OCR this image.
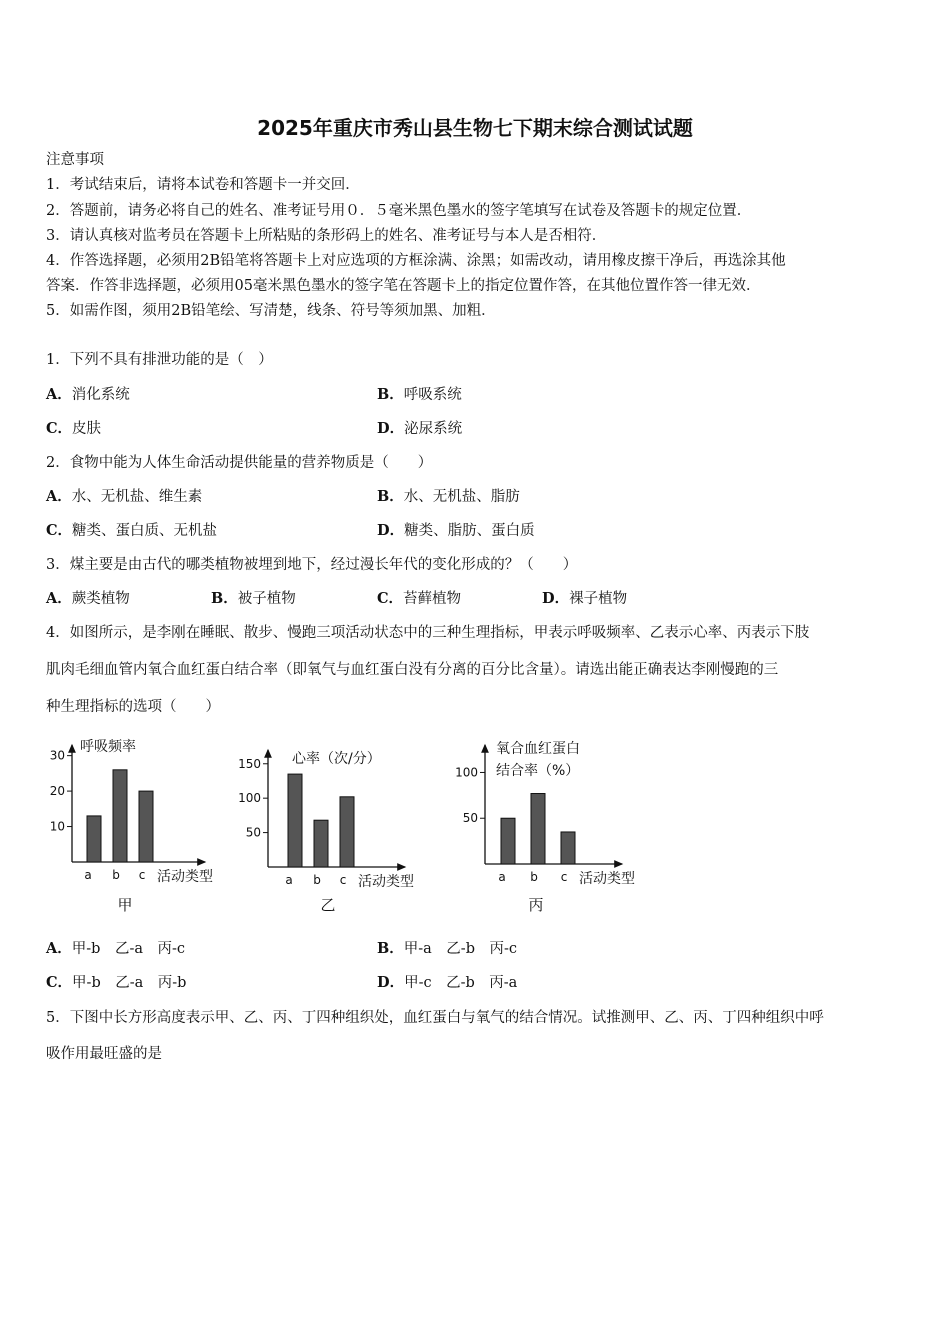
2025年重庆市秀山县生物七下期末综合测试试题
注意事项
1．考试结束后，请将本试卷和答题卡一并交回．
2．答题前，请务必将自己的姓名、准考证号用０．５毫米黑色墨水的签字笔填写在试卷及答题卡的规定位置．
3．请认真核对监考员在答题卡上所粘贴的条形码上的姓名、准考证号与本人是否相符．
4．作答选择题，必须用2B铅笔将答题卡上对应选项的方框涂满、涂黑；如需改动，请用橡皮擦干净后，再选涂其他
答案．作答非选择题，必须用05毫米黑色墨水的签字笔在答题卡上的指定位置作答，在其他位置作答一律无效．
5．如需作图，须用2B铅笔绘、写清楚，线条、符号等须加黑、加粗．
1．下列不具有排泄功能的是（　）
A．消化系统	B．呼吸系统
C．皮肤	D．泌尿系统
2．食物中能为人体生命活动提供能量的营养物质是（　　）
A．水、无机盐、维生素	B．水、无机盐、脂肪
C．糖类、蛋白质、无机盐	D．糖类、脂肪、蛋白质
3．煤主要是由古代的哪类植物被埋到地下，经过漫长年代的变化形成的？（　　）
A．蕨类植物	B．被子植物	C．苔藓植物	D．裸子植物
4．如图所示，是李刚在睡眠、散步、慢跑三项活动状态中的三种生理指标，甲表示呼吸频率、乙表示心率、丙表示下肢
肌肉毛细血管内氧合血红蛋白结合率（即氧气与血红蛋白没有分离的百分比含量）。请选出能正确表达李刚慢跑的三
种生理指标的选项（　　）
10
20
30
a b c 活动类型
呼吸频率
甲
50
100
150
a b c 活动类型
心率（次/分）
乙
50
100
a b c 活动类型
氧合血红蛋白
结合率（%）
丙
A．甲-b　乙-a　丙-c	B．甲-a　乙-b　丙-c
C．甲-b　乙-a　丙-b	D．甲-c　乙-b　丙-a
5．下图中长方形高度表示甲、乙、丙、丁四种组织处，血红蛋白与氧气的结合情况。试推测甲、乙、丙、丁四种组织中呼
吸作用最旺盛的是
